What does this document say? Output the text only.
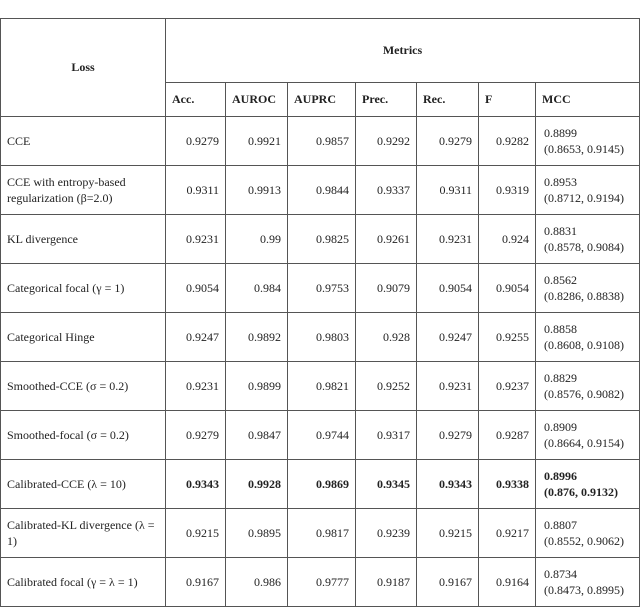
Loss	Metrics						
	Acc.	AUROC	AUPRC	Prec.	Rec.	F	MCC
CCE	0.9279	0.9921	0.9857	0.9292	0.9279	0.9282	0.8899
(0.8653, 0.9145)

CCE with entropy-based regularization (β=2.0)	0.9311	0.9913	0.9844	0.9337	0.9311	0.9319	0.8953
(0.8712, 0.9194)

KL divergence	0.9231	0.99	0.9825	0.9261	0.9231	0.924	0.8831
(0.8578, 0.9084)

Categorical focal (γ = 1)	0.9054	0.984	0.9753	0.9079	0.9054	0.9054	0.8562
(0.8286, 0.8838)

Categorical Hinge	0.9247	0.9892	0.9803	0.928	0.9247	0.9255	0.8858
(0.8608, 0.9108)

Smoothed-CCE (σ = 0.2)	0.9231	0.9899	0.9821	0.9252	0.9231	0.9237	0.8829
(0.8576, 0.9082)

Smoothed-focal (σ = 0.2)	0.9279	0.9847	0.9744	0.9317	0.9279	0.9287	0.8909
(0.8664, 0.9154)

Calibrated-CCE (λ = 10)	0.9343	0.9928	0.9869	0.9345	0.9343	0.9338	0.8996
(0.876, 0.9132)

Calibrated-KL divergence (λ = 1)	0.9215	0.9895	0.9817	0.9239	0.9215	0.9217	0.8807
(0.8552, 0.9062)

Calibrated focal (γ = λ = 1)	0.9167	0.986	0.9777	0.9187	0.9167	0.9164	0.8734
(0.8473, 0.8995)
